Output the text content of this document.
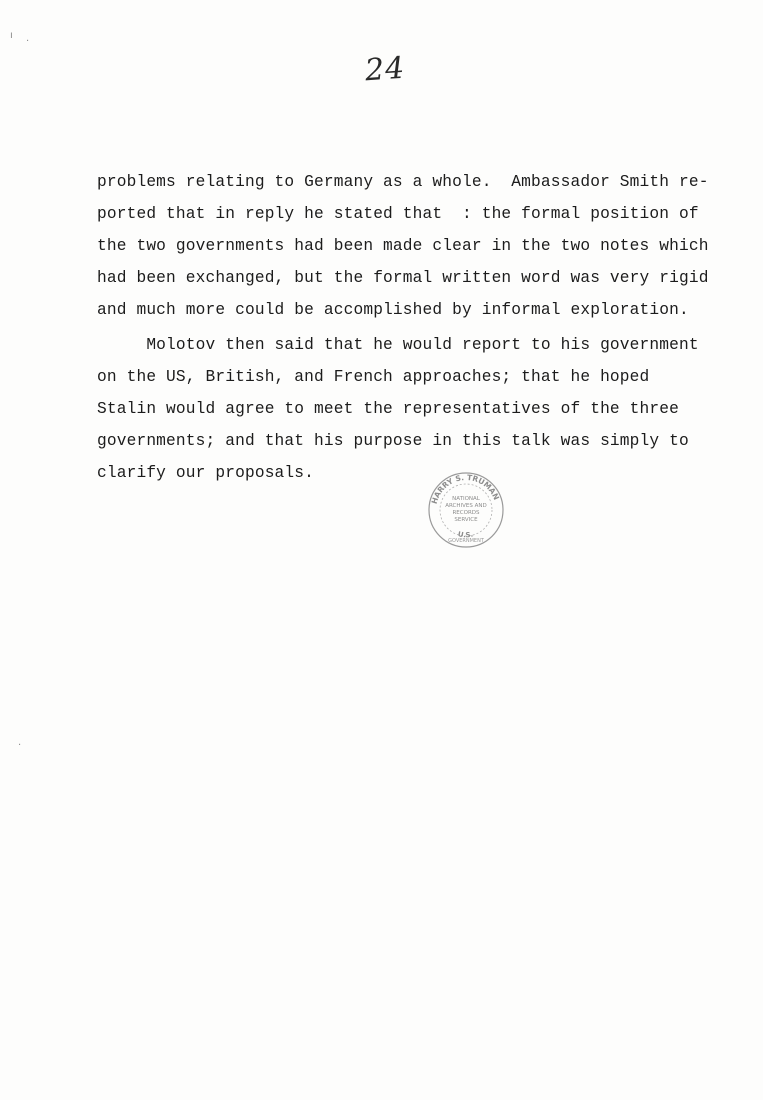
ı
·
·
24
problems relating to Germany as a whole.  Ambassador Smith re-
ported that in reply he stated that  : the formal position of
the two governments had been made clear in the two notes which
had been exchanged, but the formal written word was very rigid
and much more could be accomplished by informal exploration.
Molotov then said that he would report to his government
on the US, British, and French approaches; that he hoped
Stalin would agree to meet the representatives of the three
governments; and that his purpose in this talk was simply to
clarify our proposals.
HARRY S. TRUMAN
U.S.
NATIONAL
ARCHIVES AND
RECORDS
SERVICE
GOVERNMENT
